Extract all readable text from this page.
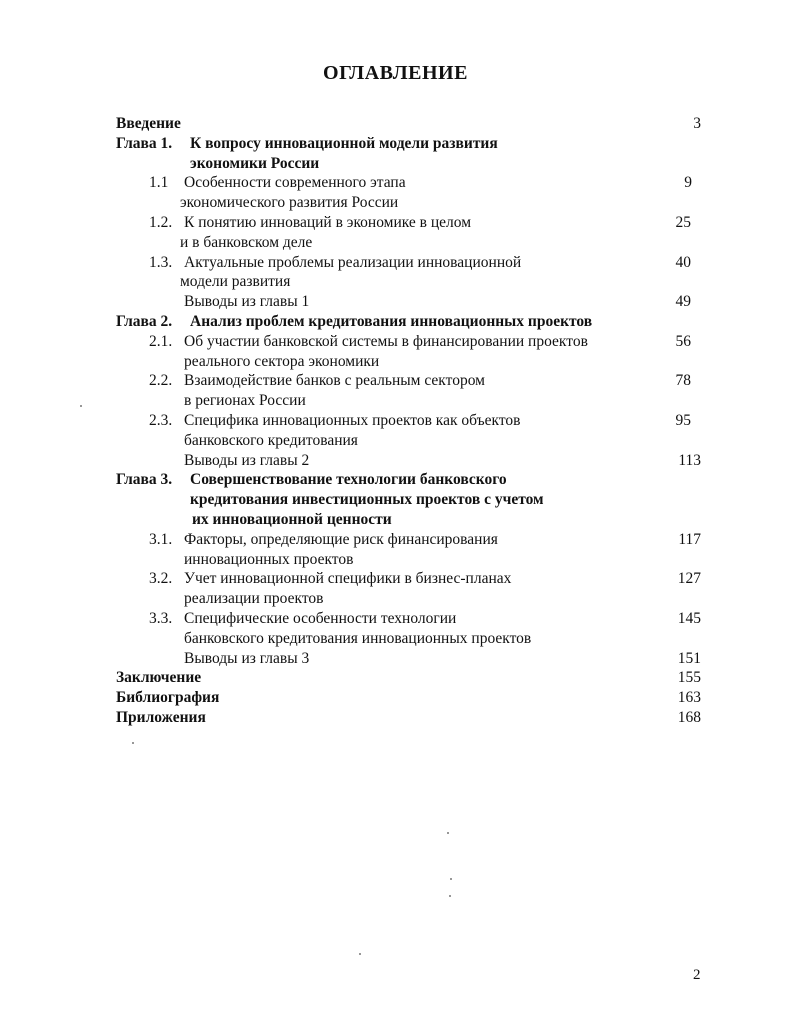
ОГЛАВЛЕНИЕ
Введение	3
Глава 1. К вопросу инновационной модели развития
экономики России
1.1 Особенности современного этапа	9
экономического развития России
1.2. К понятию инноваций в экономике в целом	25
и в банковском деле
1.3. Актуальные проблемы реализации инновационной	40
модели развития
Выводы из главы 1	49
Глава 2. Анализ проблем кредитования инновационных проектов
2.1. Об участии банковской системы в финансировании проектов	56
реального сектора экономики
2.2. Взаимодействие банков с реальным сектором	78
в регионах России
2.3. Специфика инновационных проектов как объектов	95
банковского кредитования
Выводы из главы 2	113
Глава 3. Совершенствование технологии банковского
кредитования инвестиционных проектов с учетом
их инновационной ценности
3.1. Факторы, определяющие риск финансирования	117
инновационных проектов
3.2. Учет инновационной специфики в бизнес-планах	127
реализации проектов
3.3. Специфические особенности технологии	145
банковского кредитования инновационных проектов
Выводы из главы 3	151
Заключение	155
Библиография	163
Приложения	168
2
